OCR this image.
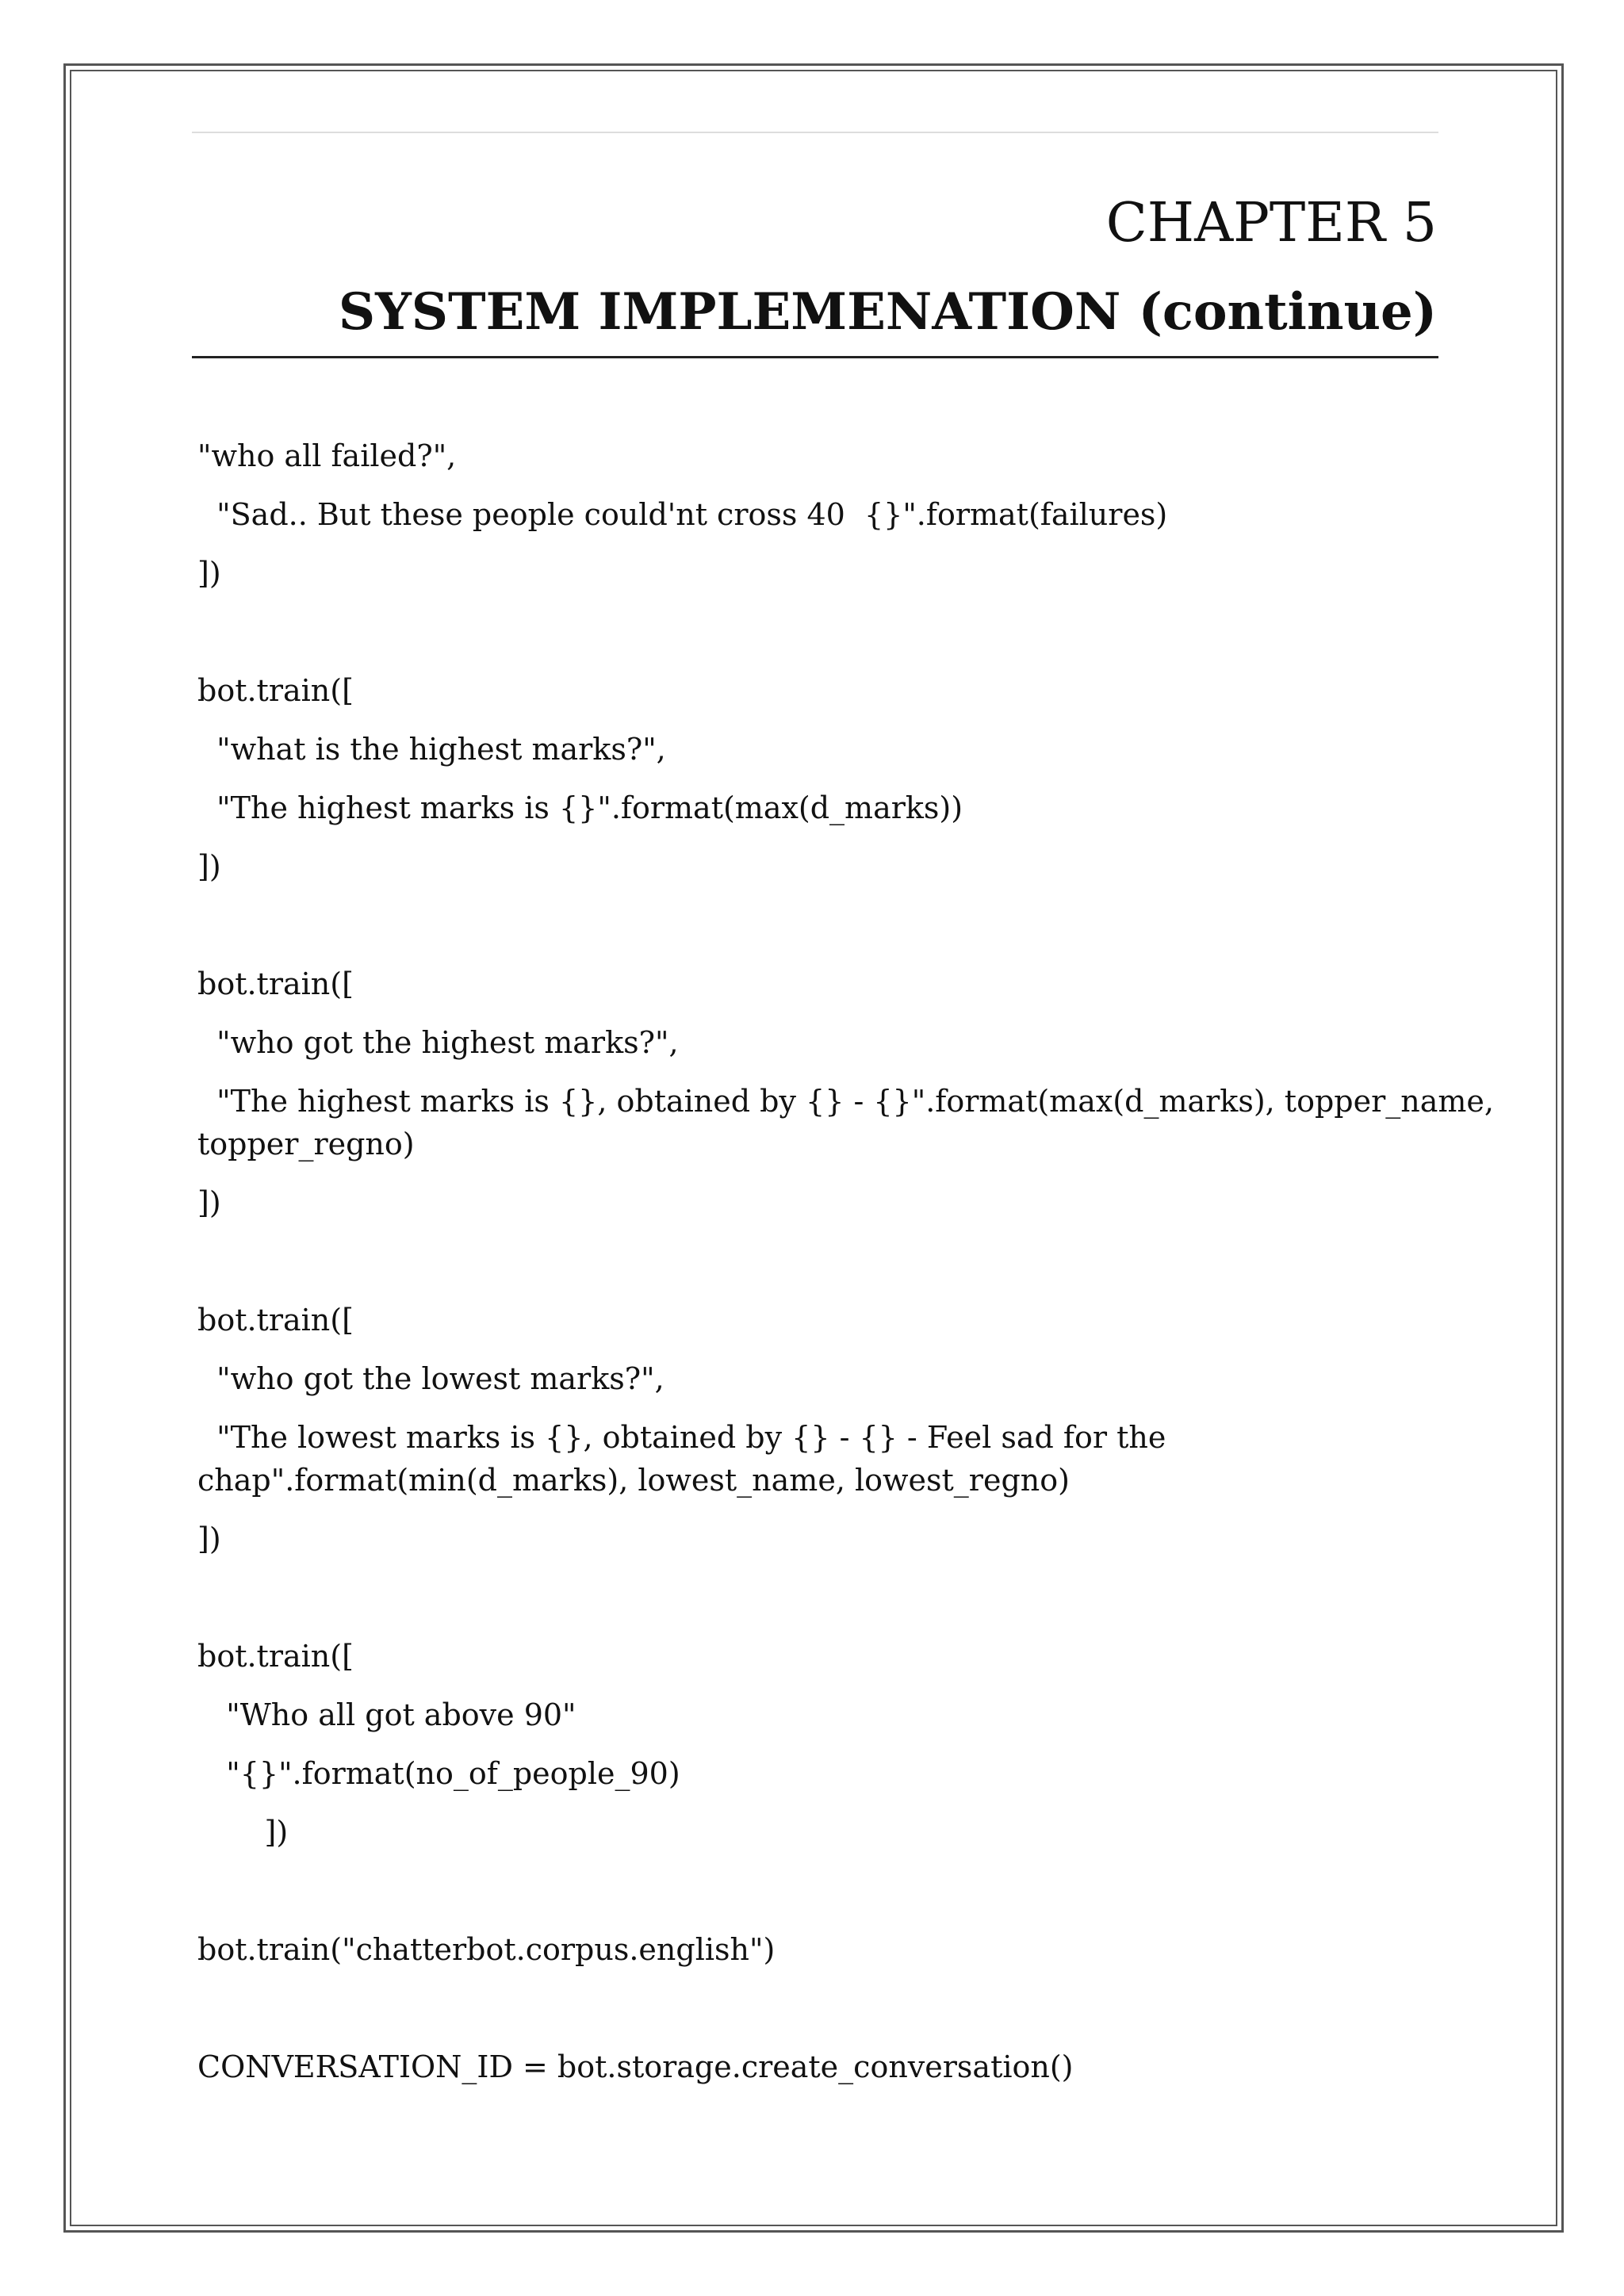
CHAPTER 5
SYSTEM IMPLEMENATION (continue)
"who all failed?",
"Sad.. But these people could'nt cross 40  {}".format(failures)
])
bot.train([
"what is the highest marks?",
"The highest marks is {}".format(max(d_marks))
])
bot.train([
"who got the highest marks?",
"The highest marks is {}, obtained by {} - {}".format(max(d_marks), topper_name,
topper_regno)
])
bot.train([
"who got the lowest marks?",
"The lowest marks is {}, obtained by {} - {} - Feel sad for the
chap".format(min(d_marks), lowest_name, lowest_regno)
])
bot.train([
"Who all got above 90"
"{}".format(no_of_people_90)
])
bot.train("chatterbot.corpus.english")
CONVERSATION_ID = bot.storage.create_conversation()
